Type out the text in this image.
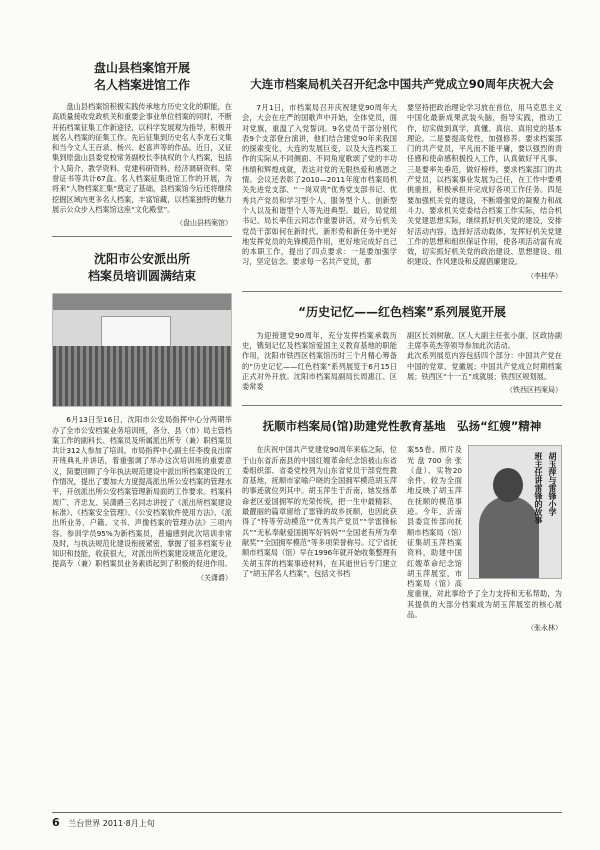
盘山县档案馆开展

名人档案进馆工作

盘山县档案馆积极实践传承地方历史文化的职能，在高质量接收党政机关和重要企事业单位档案的同时，不断开拓档案征集工作新途径，以科学发展观为指导，积极开展名人档案的征集工作。先后征集到历史名人李龙石文集和当今文人王百录、杨兴、赵喜声等的作品。近日，又征集到原盘山县委党校常务副校长李执权的个人档案，包括个人简介、教学资料、党建科研资料、经济调研资料、荣誉证书等共计67盒。名人档案征集进馆工作的开展，为将来“人物档案汇集”奠定了基础，县档案馆今后还将继续挖掘区域内更多名人档案，丰富馆藏，以档案独特的魅力展示公众步入档案馆这座“文化殿堂”。

（盘山县档案馆）

沈阳市公安派出所

档案员培训圆满结束

6月13日至16日，沈阳市公安局指挥中心分两期举办了全市公安档案业务培训班，各分、县（市）局主管档案工作的副科长、档案员及所属派出所专（兼）职档案员共计312人参加了培训。市局指挥中心副主任李俊良出席开班典礼并讲话，着重强调了举办这次培训班的重要意义，简要回顾了今年执法规范建设中派出所档案建设的工作情况，提出了要加大力度提高派出所公安档案的管理水平，开创派出所公安档案管理新局面的工作要求。档案科周广、齐忠友、吴潇爵三名同志讲授了《派出所档案建设标准》、《档案安全管理》、《公安档案软件使用方法》、《派出所业务、户籍、文书、声像档案的管理办法》三项内容。参训学员95%为新档案员，普遍感到此次培训非常及时，与执法规范化建设衔接紧密，掌握了很多档案专业知识和技能，收获很大，对派出所档案建设规范化建设，提高专（兼）职档案员业务素质起到了积极的促进作用。

（关潇爵）

大连市档案局机关召开纪念中国共产党成立90周年庆祝大会

7月1日，市档案局召开庆祝建党90周年大会，大会在庄严的国歌声中开始，全体党员，面对党旗，重温了入党誓词。9名党员干部分别代表9个支部登台演讲，他们结合建党90年来我国的探索变化，大连的发展巨变，以及大连档案工作的实际从不同侧面、不同角度歌颂了党的丰功伟绩和辉煌成就，表达对党的无限热爱和感恩之情。会议还表彰了2010—2011年度市档案局机关先进党支部、“一岗双责”优秀党支部书记、优秀共产党员和学习型个人、服务型个人、创新型个人以及和谐型个人等先进典型。最后，局党组书记、局长率佳云同志作重要讲话，对今后机关党员干部如何在新时代、新形势和新任务中更好地发挥党员的先锋模范作用，更好地完成好自己的本职工作，提出了四点要求：一是要加强学习，坚定信念。要求每一名共产党员，都

要坚持把政治理论学习放在首位，用马克思主义中国化最新成果武装头脑，指导实践，推动工作，切实做到真学、真懂、真信、真用党的基本理论。二是要提高党性，加强修养。要求档案部门的共产党员，平凡而不能平庸，要以强烈的责任感和使命感积极投入工作，认真做好平凡事。三是要率先垂范，做好榜样。要求档案部门的共产党员，以档案事业发展为己任，在工作中要勇挑重担，积极承担并完成好各项工作任务。四是要加强机关党的建设，不断增强党的凝聚力和战斗力。要求机关党委结合档案工作实际，结合机关党建思想实际，继续抓好机关党的建设，安排好活动内容，选择好活动载体，发挥好机关党建工作的思想和组织保证作用，使各项活动富有成效，切实抓好机关党的政治建设、思想建设、组织建设、作风建设和反腐倡廉建设。

（李桂华）

“历史记忆——红色档案”系列展览开展

为迎接建党90周年，充分发挥档案承载历史，镌刻记忆及档案馆爱国主义教育基地的职能作用，沈阳市铁西区档案馆历时三个月精心筹备的“历史记忆——红色档案”系列展览于6月15日正式对外开放。沈阳市档案局副局长周惠江、区委常委

副区长刘树敏、区人大副主任张小康、区政协副主席李英杰等领导参加此次活动。
此次系列展览内容包括四个部分：中国共产党在中国的党章、党徽展；中国共产党成立时期档案展；铁西区“十一五”成就展；铁西区规划展。

（铁西区档案局）

抚顺市档案局(馆)助建党性教育基地　弘扬“红嫂”精神

在庆祝中国共产党建党90周年来临之际，位于山东省沂南县的中国红嫂革命纪念馆被山东省委组织部、省委党校列为山东省党员干部党性教育基地，抚顺市家喻户晓的全国拥军模范胡玉萍的事迹就位列其中。胡玉萍生于沂南，她发扬革命老区爱国拥军的光荣传统，把一生中最精彩、最靓丽的篇章留给了雷锋的故乡抚顺，也因此获得了“特等劳动模范”“优秀共产党员”“学雷锋标兵”“无私奉献爱国拥军好妈妈”“全国老有所为奉献奖”“全国拥军模范”等多项荣誉称号。辽宁省抚顺市档案局（馆）早在1996年就开始收集整理有关胡玉萍的档案事迹材料，在其逝世后专门建立了“胡玉萍名人档案”，包括文书档

胡玉萍与雷锋小学
班主任讲雷锋的故事

案55卷、照片及光盘700余张（盘）、实物20余件，较为全面地反映了胡玉萍在抚顺的模范事迹。今年，沂南县委宣传部向抚顺市档案局（馆）征集胡玉萍档案资料，助建中国红嫂革命纪念馆胡玉萍展室，市档案局（馆）高度重视，对此事给予了全力支持和无私帮助，为其提供的大部分档案成为胡玉萍展室的核心展品。

（张永林）
6 兰台世界 2011·8月上旬
